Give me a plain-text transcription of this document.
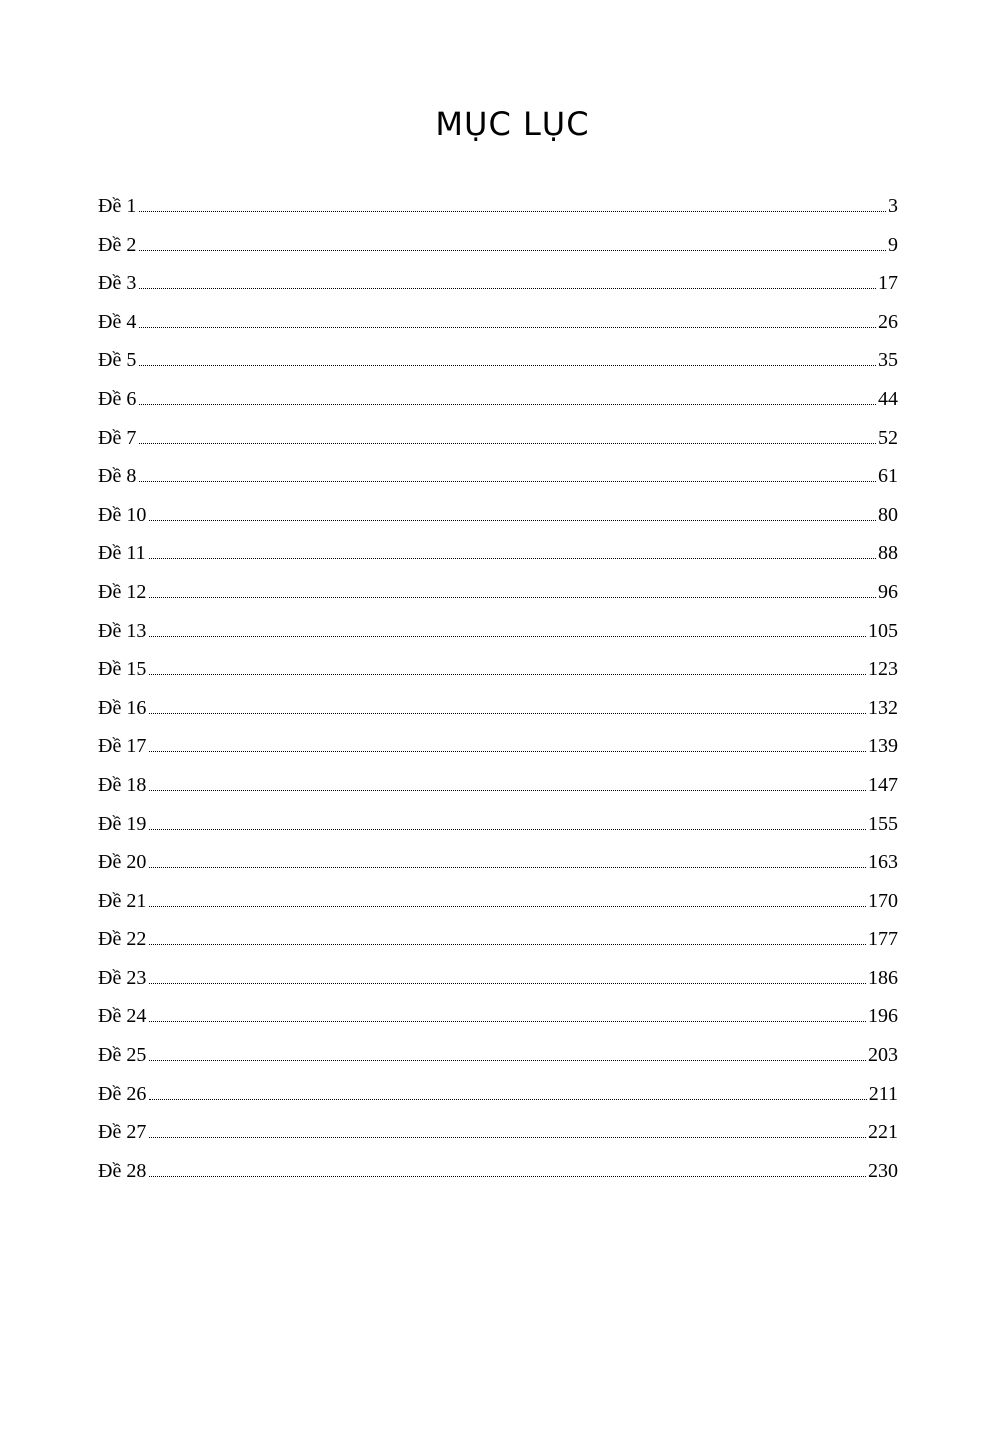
MỤC LỤC
Đề 1	3
Đề 2	9
Đề 3	17
Đề 4	26
Đề 5	35
Đề 6	44
Đề 7	52
Đề 8	61
Đề 10	80
Đề 11	88
Đề 12	96
Đề 13	105
Đề 15	123
Đề 16	132
Đề 17	139
Đề 18	147
Đề 19	155
Đề 20	163
Đề 21	170
Đề 22	177
Đề 23	186
Đề 24	196
Đề 25	203
Đề 26	211
Đề 27	221
Đề 28	230
